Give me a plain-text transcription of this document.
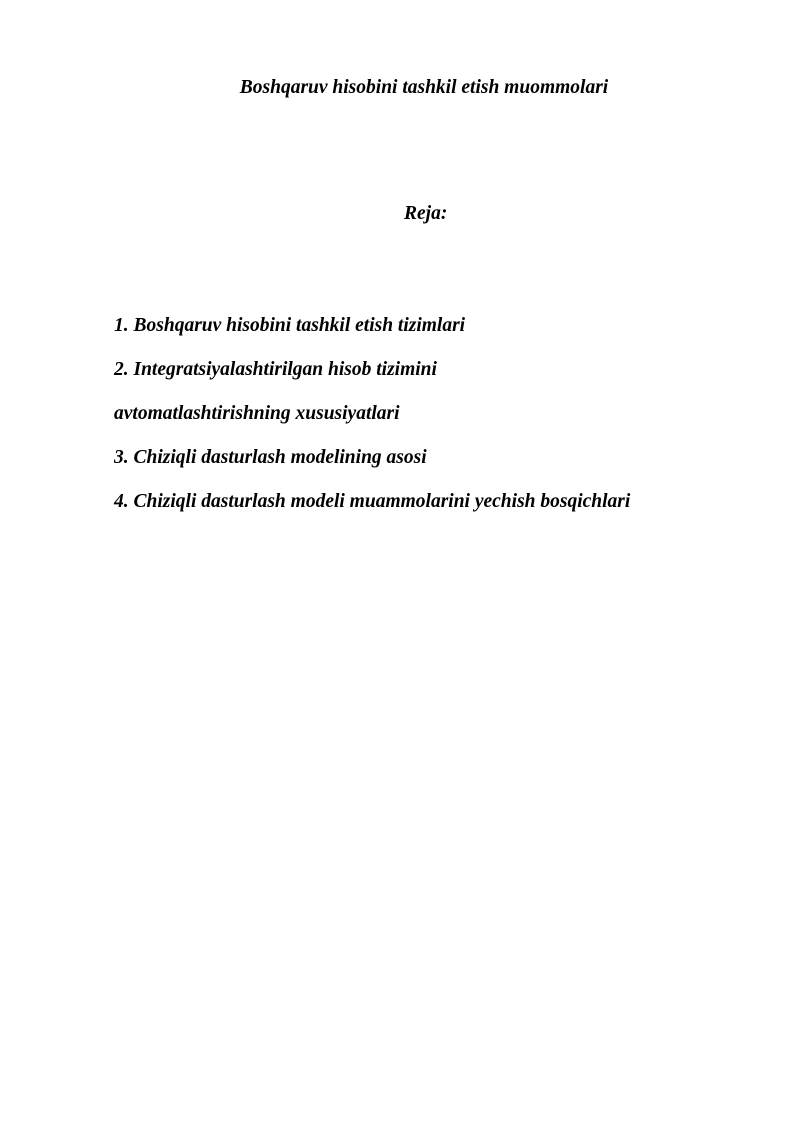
Boshqaruv hisobini tashkil etish muommolari

Reja:

1. Boshqaruv hisobini tashkil etish tizimlari

2. Integratsiyalashtirilgan hisob tizimini

avtomatlashtirishning xususiyatlari

3. Chiziqli dasturlash modelining asosi

4. Chiziqli dasturlash modeli muammolarini yechish bosqichlari
